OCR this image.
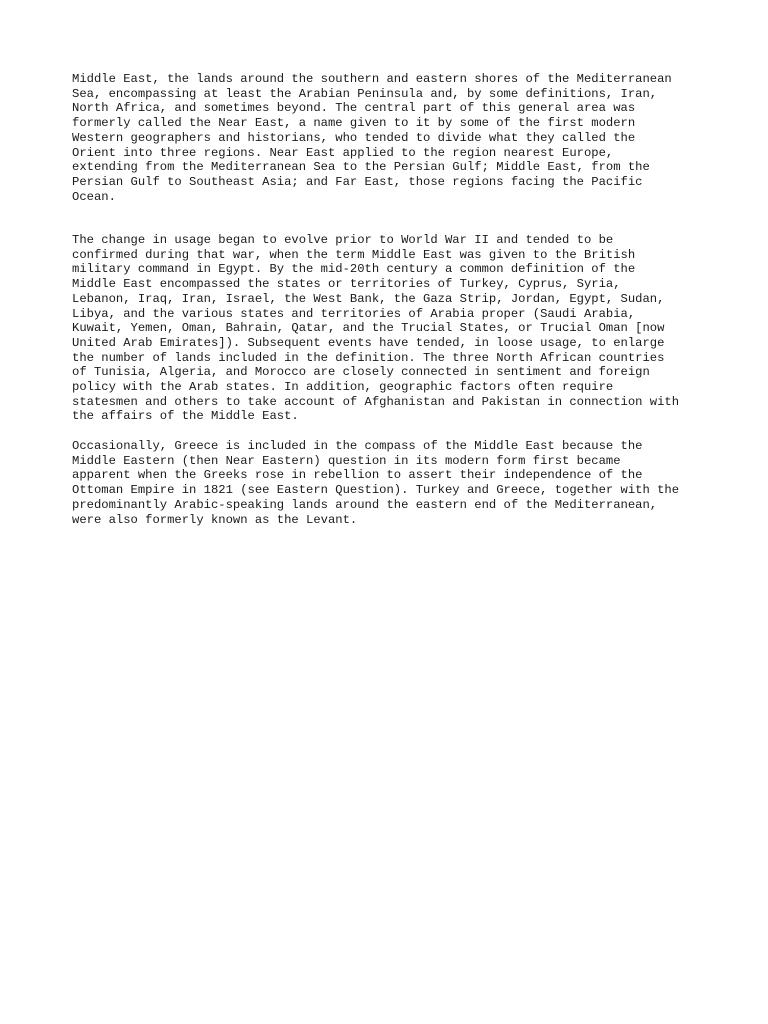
Middle East, the lands around the southern and eastern shores of the Mediterranean
Sea, encompassing at least the Arabian Peninsula and, by some definitions, Iran,
North Africa, and sometimes beyond. The central part of this general area was
formerly called the Near East, a name given to it by some of the first modern
Western geographers and historians, who tended to divide what they called the
Orient into three regions. Near East applied to the region nearest Europe,
extending from the Mediterranean Sea to the Persian Gulf; Middle East, from the
Persian Gulf to Southeast Asia; and Far East, those regions facing the Pacific
Ocean.

The change in usage began to evolve prior to World War II and tended to be
confirmed during that war, when the term Middle East was given to the British
military command in Egypt. By the mid-20th century a common definition of the
Middle East encompassed the states or territories of Turkey, Cyprus, Syria,
Lebanon, Iraq, Iran, Israel, the West Bank, the Gaza Strip, Jordan, Egypt, Sudan,
Libya, and the various states and territories of Arabia proper (Saudi Arabia,
Kuwait, Yemen, Oman, Bahrain, Qatar, and the Trucial States, or Trucial Oman [now
United Arab Emirates]). Subsequent events have tended, in loose usage, to enlarge
the number of lands included in the definition. The three North African countries
of Tunisia, Algeria, and Morocco are closely connected in sentiment and foreign
policy with the Arab states. In addition, geographic factors often require
statesmen and others to take account of Afghanistan and Pakistan in connection with
the affairs of the Middle East.

Occasionally, Greece is included in the compass of the Middle East because the
Middle Eastern (then Near Eastern) question in its modern form first became
apparent when the Greeks rose in rebellion to assert their independence of the
Ottoman Empire in 1821 (see Eastern Question). Turkey and Greece, together with the
predominantly Arabic-speaking lands around the eastern end of the Mediterranean,
were also formerly known as the Levant.
